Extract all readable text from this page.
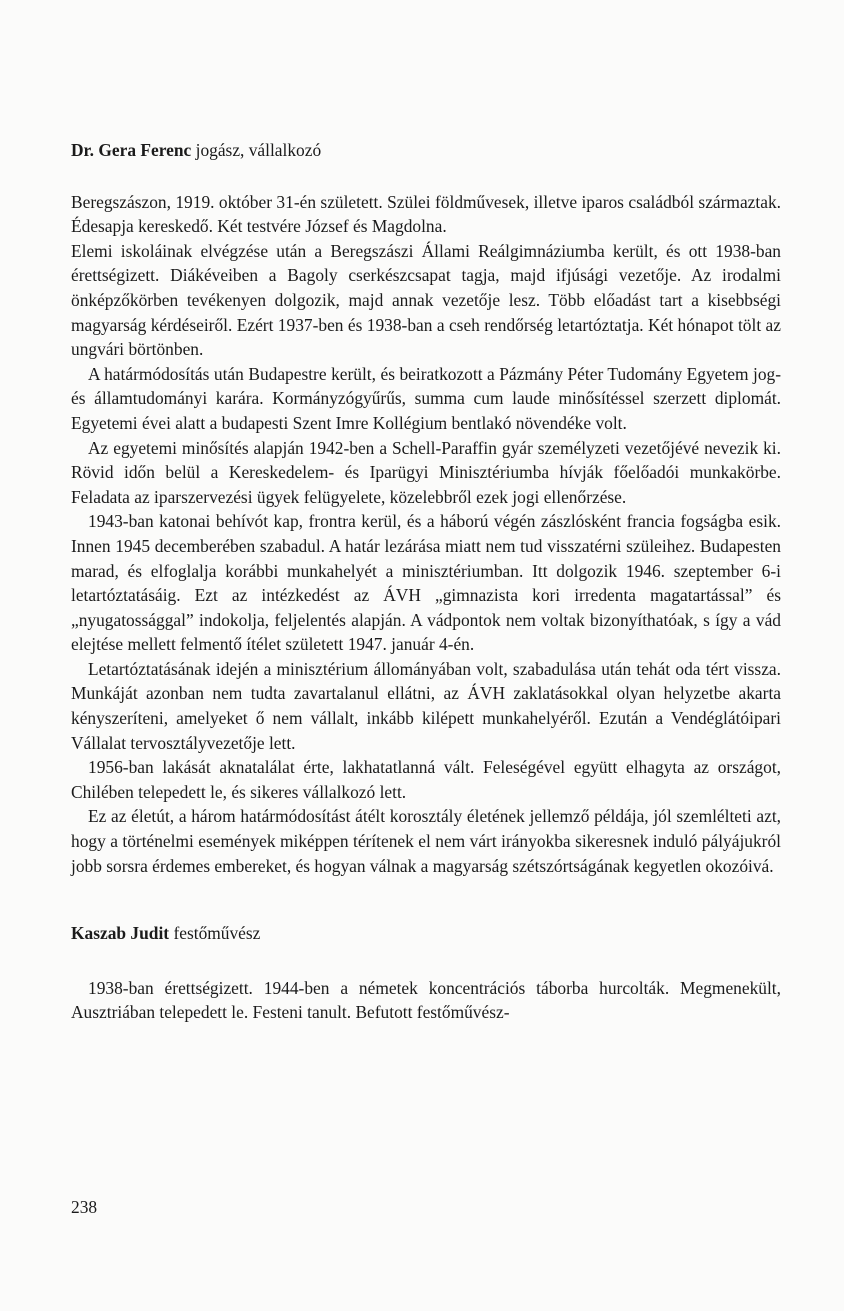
Dr. Gera Ferenc jogász, vállalkozó

Beregszászon, 1919. október 31-én született. Szülei földművesek, illetve iparos családból származtak. Édesapja kereskedő. Két testvére József és Magdolna.

Elemi iskoláinak elvégzése után a Beregszászi Állami Reálgimnáziumba került, és ott 1938-ban érettségizett. Diákéveiben a Bagoly cserkészcsapat tagja, majd ifjúsági vezetője. Az irodalmi önképzőkörben tevékenyen dolgozik, majd annak vezetője lesz. Több előadást tart a kisebbségi magyarság kérdéseiről. Ezért 1937-ben és 1938-ban a cseh rendőrség letartóztatja. Két hónapot tölt az ungvári börtönben.

A határmódosítás után Budapestre került, és beiratkozott a Pázmány Péter Tudomány Egyetem jog- és államtudományi karára. Kormányzógyűrűs, summa cum laude minősítéssel szerzett diplomát. Egyetemi évei alatt a budapesti Szent Imre Kollégium bentlakó növendéke volt.

Az egyetemi minősítés alapján 1942-ben a Schell-Paraffin gyár személyzeti vezetőjévé nevezik ki. Rövid időn belül a Kereskedelem- és Iparügyi Minisztériumba hívják főelőadói munkakörbe. Feladata az iparszervezési ügyek felügyelete, közelebbről ezek jogi ellenőrzése.

1943-ban katonai behívót kap, frontra kerül, és a háború végén zászlósként francia fogságba esik. Innen 1945 decemberében szabadul. A határ lezárása miatt nem tud visszatérni szüleihez. Budapesten marad, és elfoglalja korábbi munkahelyét a minisztériumban. Itt dolgozik 1946. szeptember 6-i letartóztatásáig. Ezt az intézkedést az ÁVH „gimnazista kori irredenta magatartással” és „nyugatossággal” indokolja, feljelentés alapján. A vádpontok nem voltak bizonyíthatóak, s így a vád elejtése mellett felmentő ítélet született 1947. január 4-én.

Letartóztatásának idején a minisztérium állományában volt, szabadulása után tehát oda tért vissza. Munkáját azonban nem tudta zavartalanul ellátni, az ÁVH zaklatásokkal olyan helyzetbe akarta kényszeríteni, amelyeket ő nem vállalt, inkább kilépett munkahelyéről. Ezután a Vendéglátóipari Vállalat tervosztályvezetője lett.

1956-ban lakását aknatalálat érte, lakhatatlanná vált. Feleségével együtt elhagyta az országot, Chilében telepedett le, és sikeres vállalkozó lett.

Ez az életút, a három határmódosítást átélt korosztály életének jellemző példája, jól szemlélteti azt, hogy a történelmi események miképpen térítenek el nem várt irányokba sikeresnek induló pályájukról jobb sorsra érdemes embereket, és hogyan válnak a magyarság szétszórtságának kegyetlen okozóivá.

Kaszab Judit festőművész

1938-ban érettségizett. 1944-ben a németek koncentrációs táborba hurcolták. Megmenekült, Ausztriában telepedett le. Festeni tanult. Befutott festőművész-

238
